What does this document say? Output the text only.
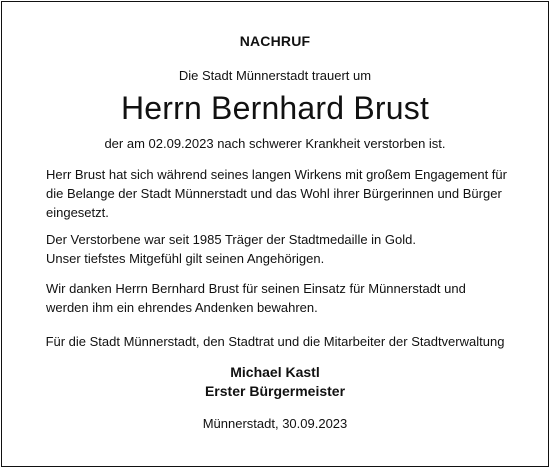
NACHRUF
Die Stadt Münnerstadt trauert um
Herrn Bernhard Brust
der am 02.09.2023 nach schwerer Krankheit verstorben ist.

Herr Brust hat sich während seines langen Wirkens mit großem Engagement für die Belange der Stadt Münnerstadt und das Wohl ihrer Bürgerinnen und Bürger eingesetzt.

Der Verstorbene war seit 1985 Träger der Stadtmedaille in Gold.

Unser tiefstes Mitgefühl gilt seinen Angehörigen.

Wir danken Herrn Bernhard Brust für seinen Einsatz für Münnerstadt und werden ihm ein ehrendes Andenken bewahren.

Für die Stadt Münnerstadt, den Stadtrat und die Mitarbeiter der Stadtverwaltung
Michael Kastl
Erster Bürgermeister
Münnerstadt, 30.09.2023
